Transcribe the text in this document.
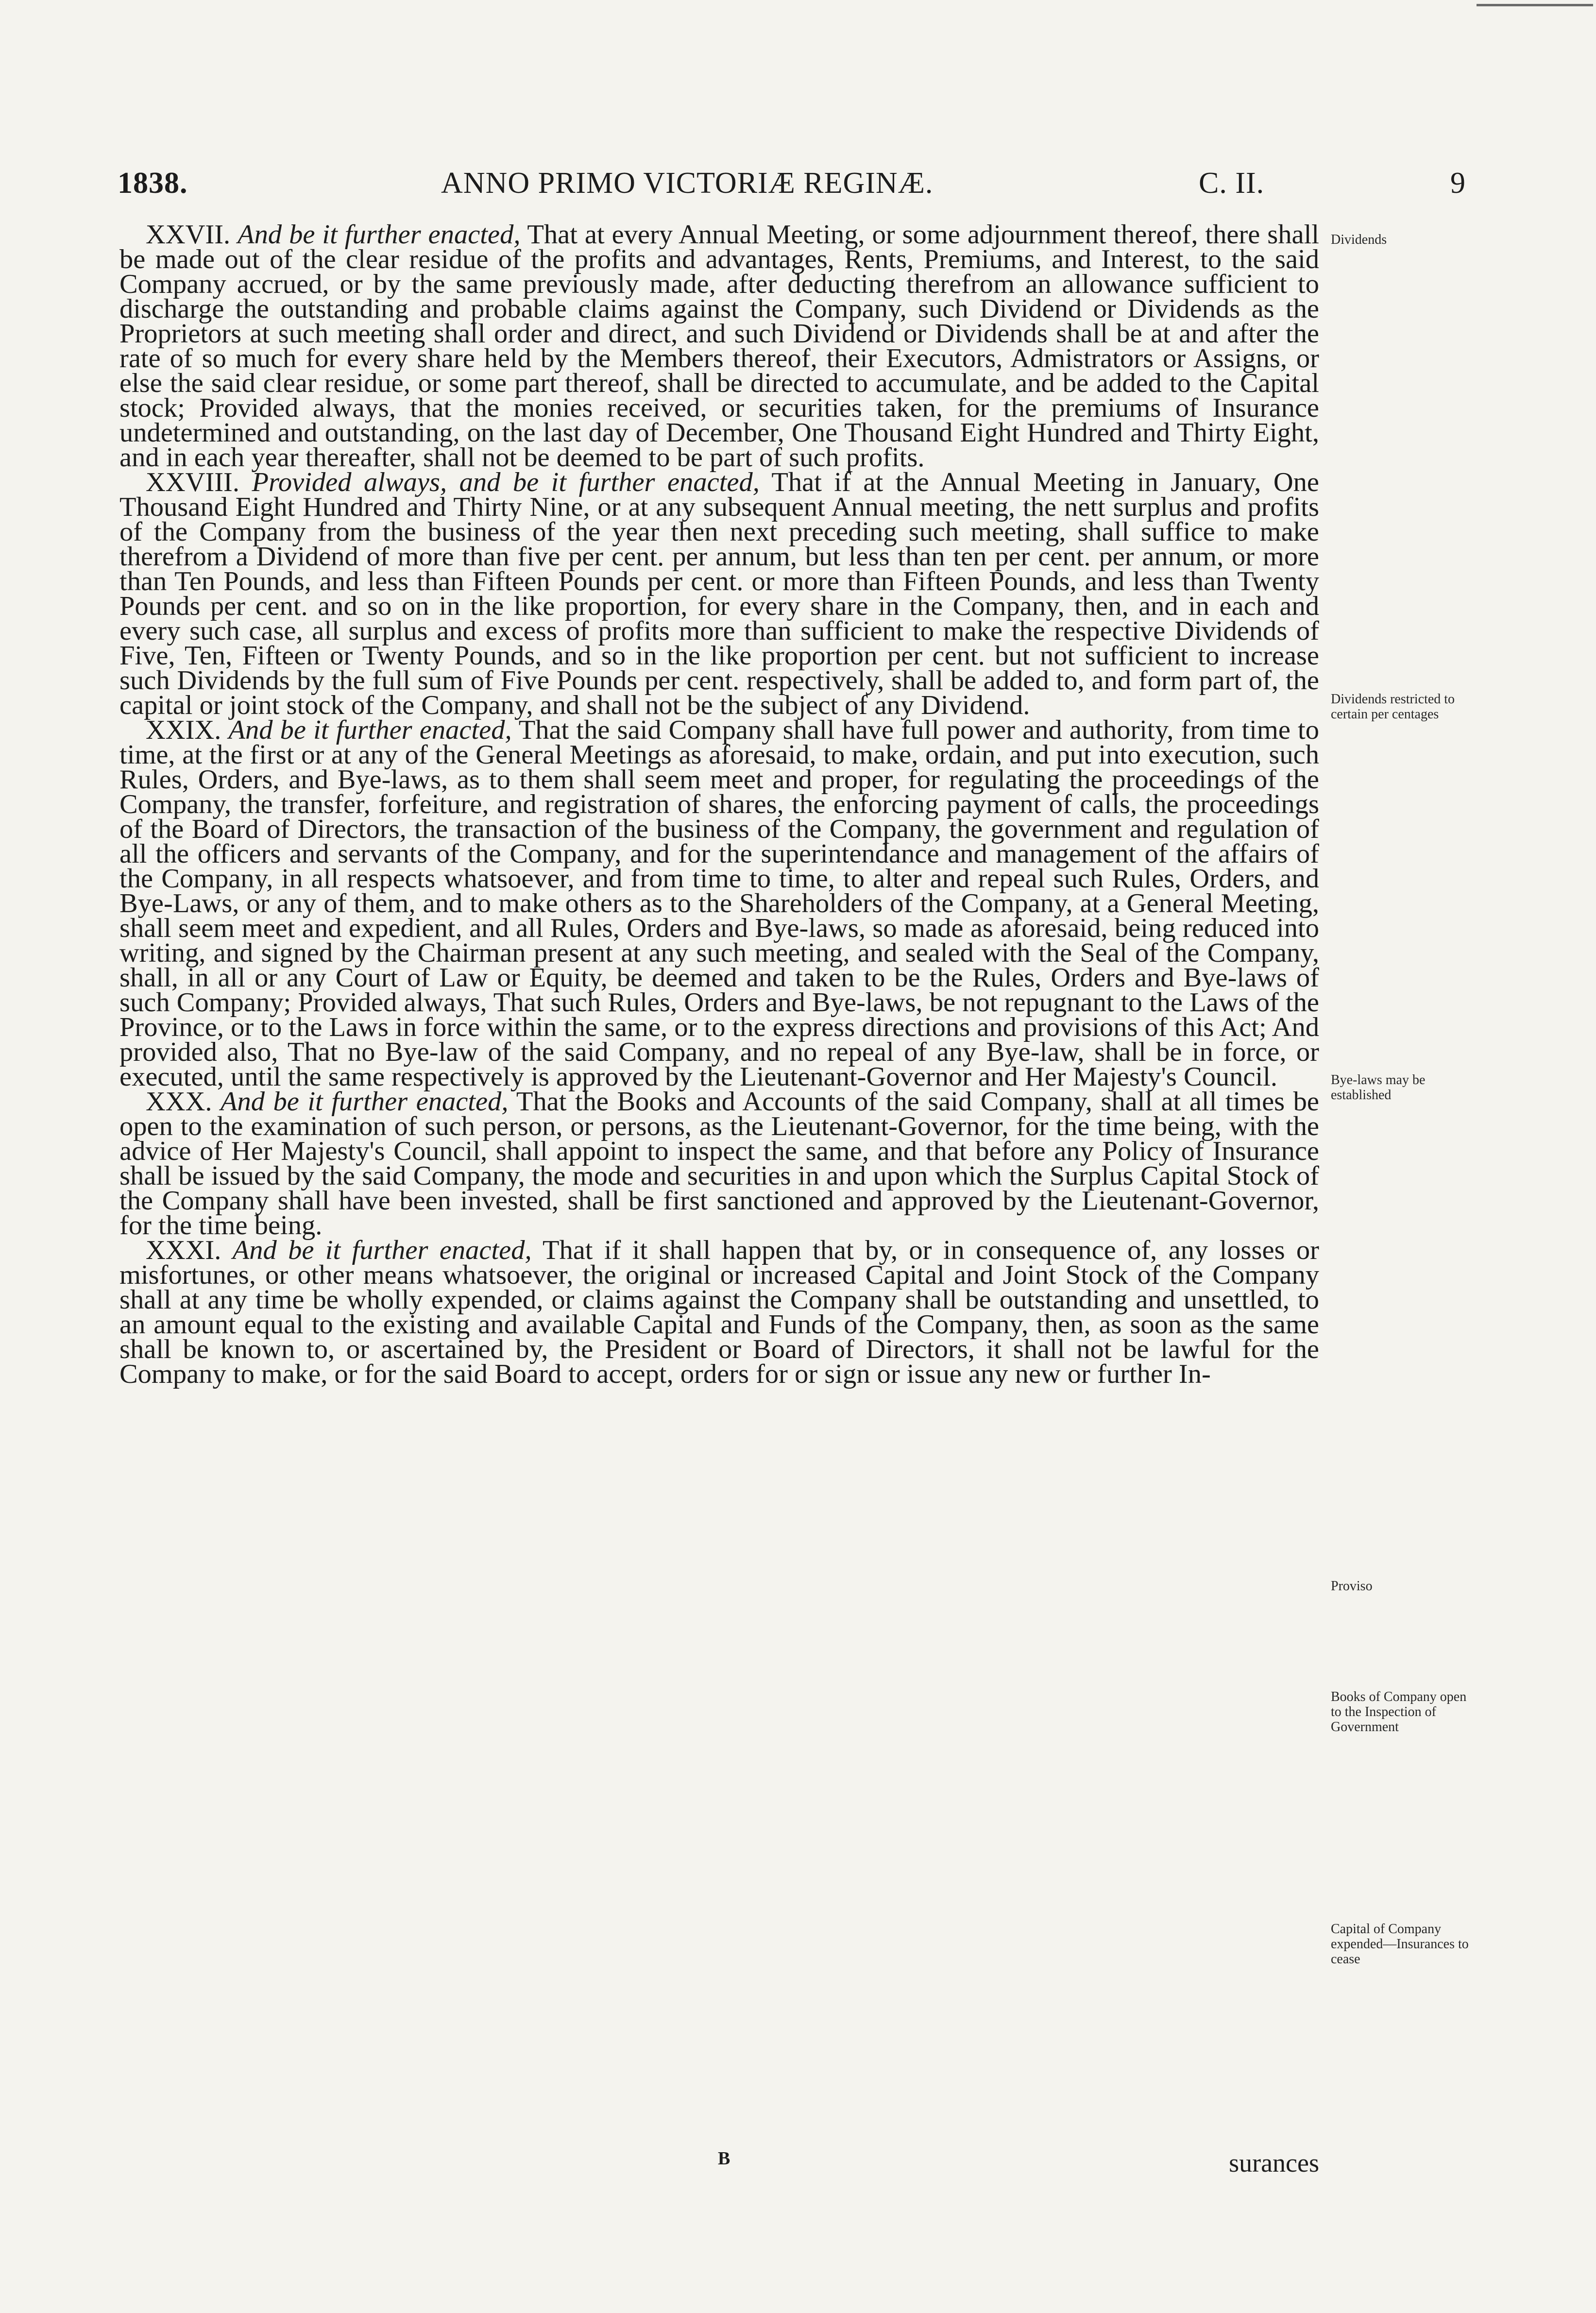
1838.	ANNO PRIMO VICTORIÆ REGINÆ.	C. II.	9

XXVII. And be it further enacted, That at every Annual Meeting, or some adjournment thereof, there shall be made out of the clear residue of the profits and advantages, Rents, Premiums, and Interest, to the said Company accrued, or by the same previously made, after deducting therefrom an allowance sufficient to discharge the outstanding and probable claims against the Company, such Dividend or Dividends as the Proprietors at such meeting shall order and direct, and such Dividend or Dividends shall be at and after the rate of so much for every share held by the Members thereof, their Executors, Admistrators or Assigns, or else the said clear residue, or some part thereof, shall be directed to accumulate, and be added to the Capital stock; Provided always, that the monies received, or securities taken, for the premiums of Insurance undetermined and outstanding, on the last day of December, One Thousand Eight Hundred and Thirty Eight, and in each year thereafter, shall not be deemed to be part of such profits.

XXVIII. Provided always, and be it further enacted, That if at the Annual Meeting in January, One Thousand Eight Hundred and Thirty Nine, or at any subsequent Annual meeting, the nett surplus and profits of the Company from the business of the year then next preceding such meeting, shall suffice to make therefrom a Dividend of more than five per cent. per annum, but less than ten per cent. per annum, or more than Ten Pounds, and less than Fifteen Pounds per cent. or more than Fifteen Pounds, and less than Twenty Pounds per cent. and so on in the like proportion, for every share in the Company, then, and in each and every such case, all surplus and excess of profits more than sufficient to make the respective Dividends of Five, Ten, Fifteen or Twenty Pounds, and so in the like proportion per cent. but not sufficient to increase such Dividends by the full sum of Five Pounds per cent. respectively, shall be added to, and form part of, the capital or joint stock of the Company, and shall not be the subject of any Dividend.

XXIX. And be it further enacted, That the said Company shall have full power and authority, from time to time, at the first or at any of the General Meetings as aforesaid, to make, ordain, and put into execution, such Rules, Orders, and Bye-laws, as to them shall seem meet and proper, for regulating the proceedings of the Company, the transfer, forfeiture, and registration of shares, the enforcing payment of calls, the proceedings of the Board of Directors, the transaction of the business of the Company, the government and regulation of all the officers and servants of the Company, and for the superintendance and management of the affairs of the Company, in all respects whatsoever, and from time to time, to alter and repeal such Rules, Orders, and Bye-Laws, or any of them, and to make others as to the Shareholders of the Company, at a General Meeting, shall seem meet and expedient, and all Rules, Orders and Bye-laws, so made as aforesaid, being reduced into writing, and signed by the Chairman present at any such meeting, and sealed with the Seal of the Company, shall, in all or any Court of Law or Equity, be deemed and taken to be the Rules, Orders and Bye-laws of such Company; Provided always, That such Rules, Orders and Bye-laws, be not repugnant to the Laws of the Province, or to the Laws in force within the same, or to the express directions and provisions of this Act; And provided also, That no Bye-law of the said Company, and no repeal of any Bye-law, shall be in force, or executed, until the same respectively is approved by the Lieutenant-Governor and Her Majesty's Council.

XXX. And be it further enacted, That the Books and Accounts of the said Company, shall at all times be open to the examination of such person, or persons, as the Lieutenant-Governor, for the time being, with the advice of Her Majesty's Council, shall appoint to inspect the same, and that before any Policy of Insurance shall be issued by the said Company, the mode and securities in and upon which the Surplus Capital Stock of the Company shall have been invested, shall be first sanctioned and approved by the Lieutenant-Governor, for the time being.

XXXI. And be it further enacted, That if it shall happen that by, or in consequence of, any losses or misfortunes, or other means whatsoever, the original or increased Capital and Joint Stock of the Company shall at any time be wholly expended, or claims against the Company shall be outstanding and unsettled, to an amount equal to the existing and available Capital and Funds of the Company, then, as soon as the same shall be known to, or ascertained by, the President or Board of Directors, it shall not be lawful for the Company to make, or for the said Board to accept, orders for or sign or issue any new or further In-

Dividends
Dividends restricted to certain per centages
Bye-laws may be established
Proviso
Books of Company open to the Inspection of Government
Capital of Company expended—Insurances to cease
B	surances
